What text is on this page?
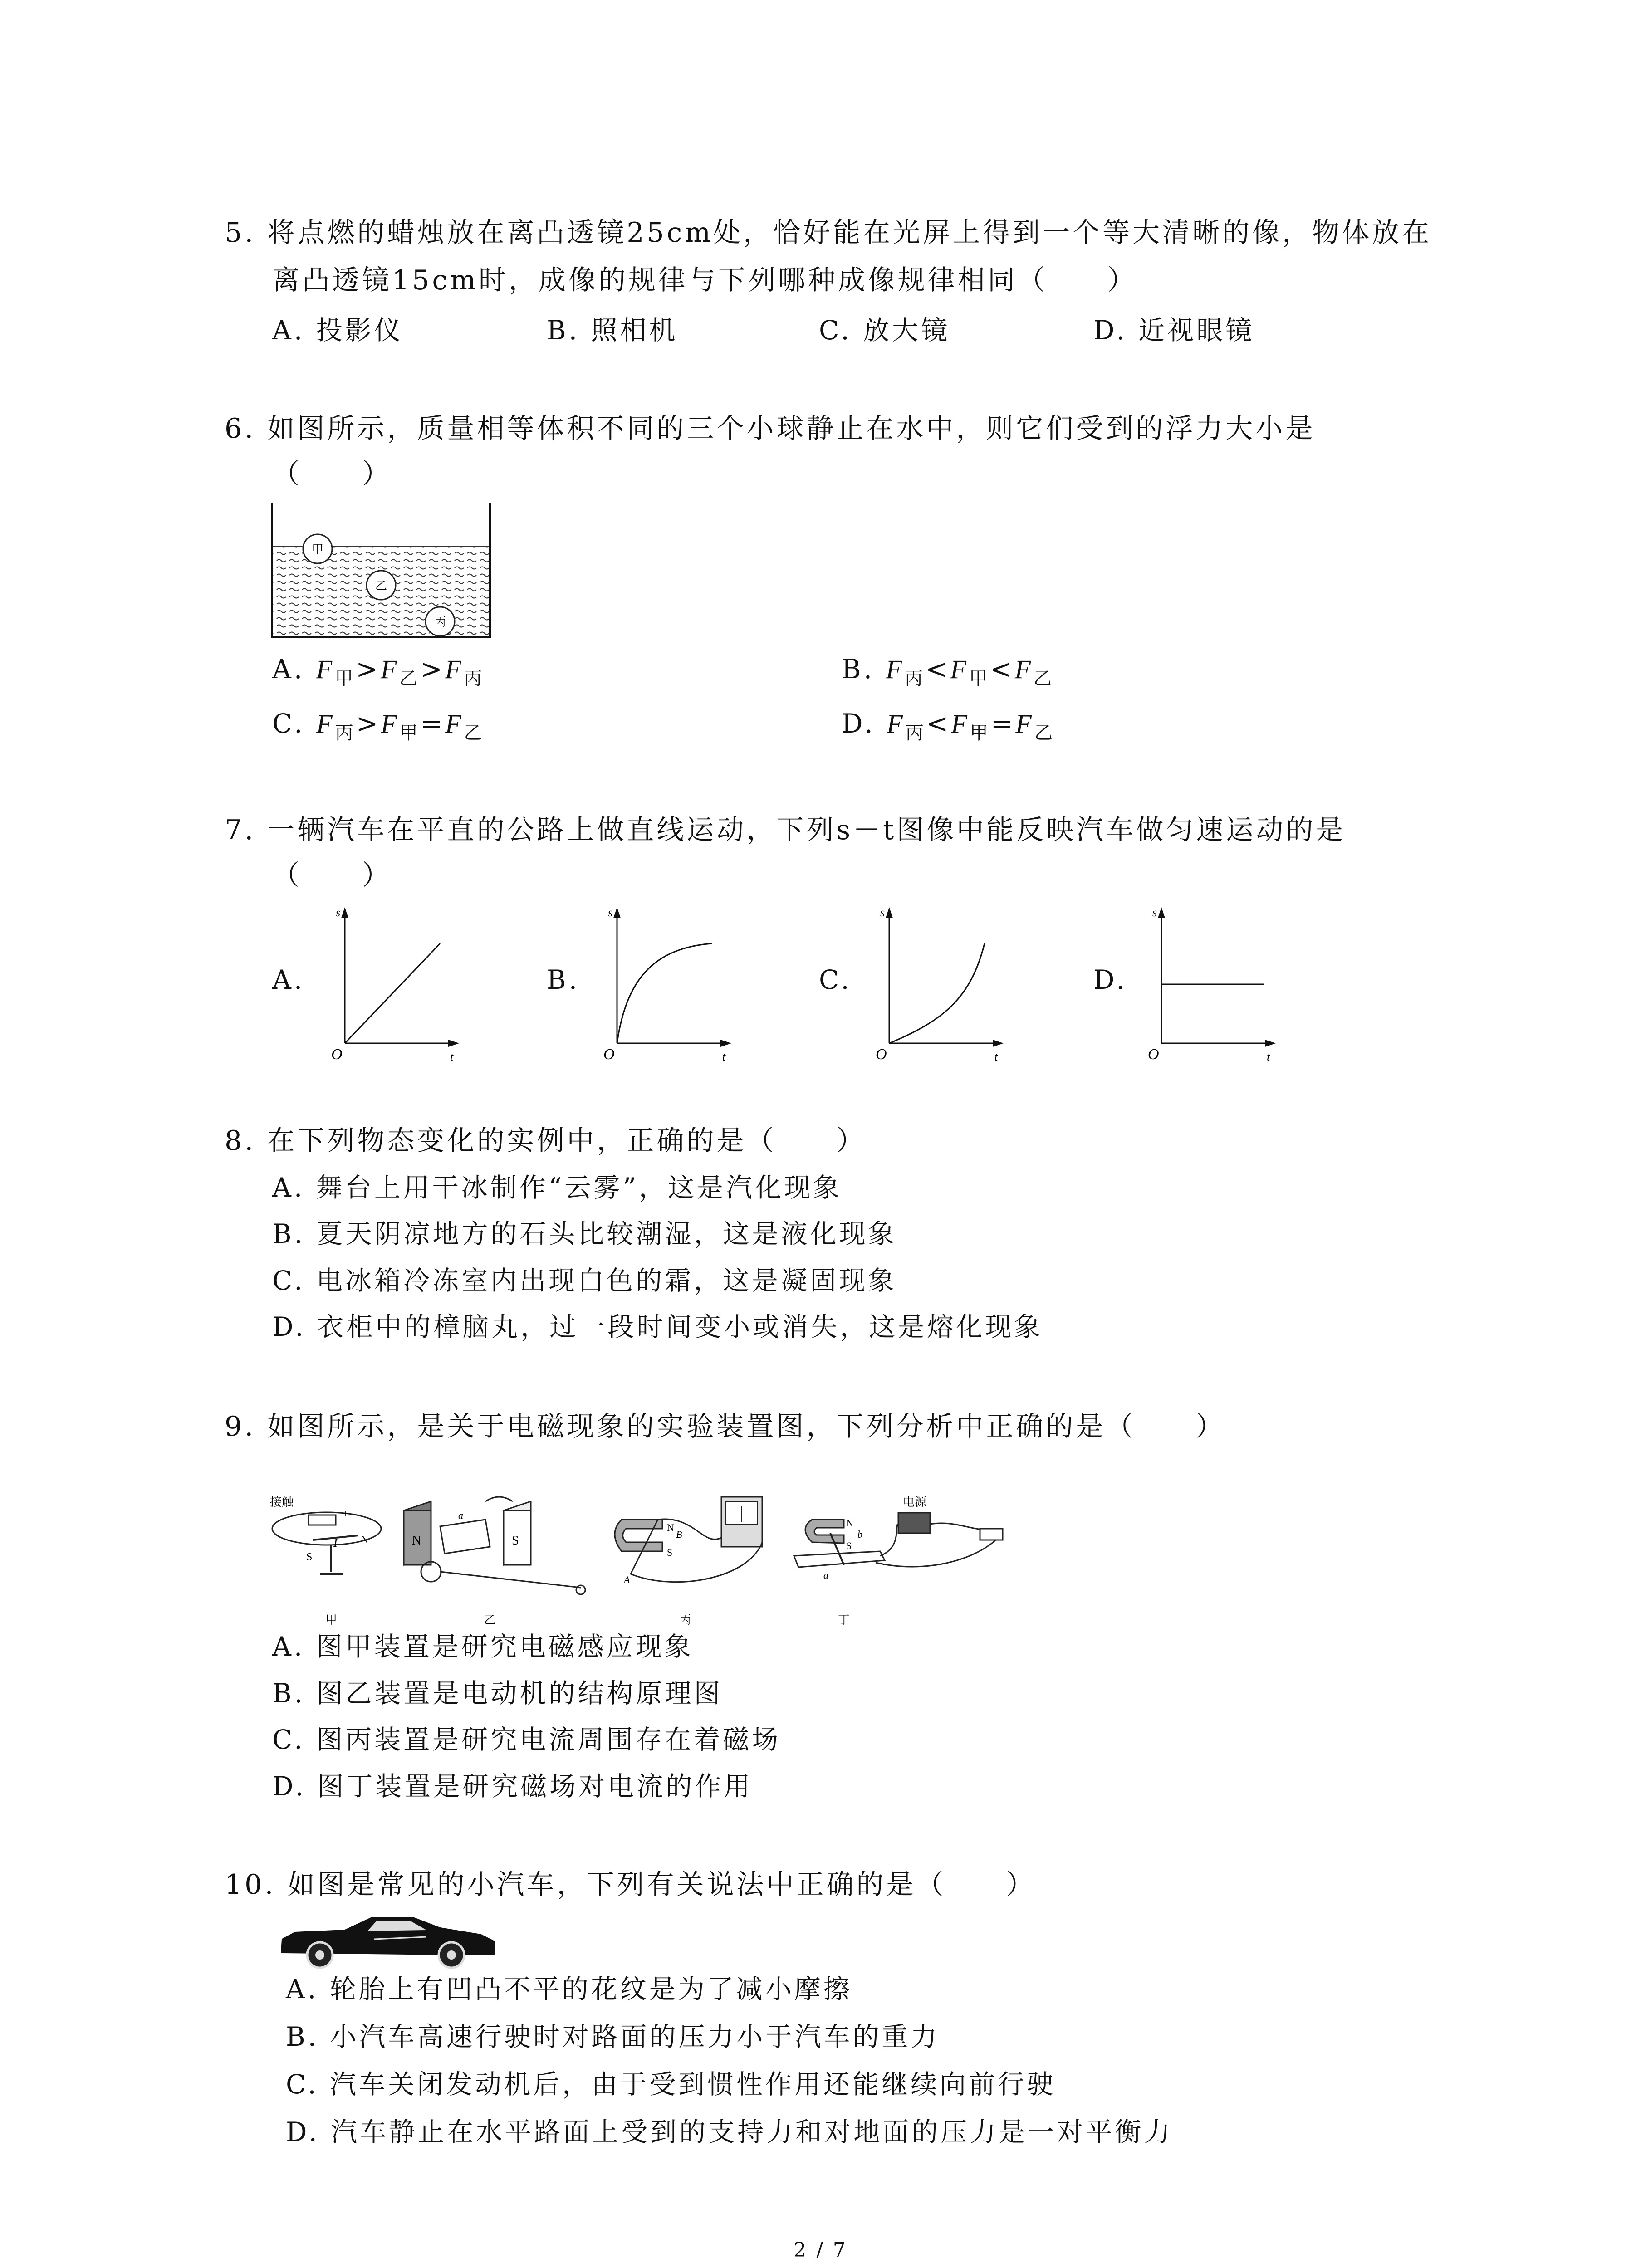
5. 将点燃的蜡烛放在离凸透镜25cm处，恰好能在光屏上得到一个等大清晰的像，物体放在
离凸透镜15cm时，成像的规律与下列哪种成像规律相同（　　）
A. 投影仪	B. 照相机	C. 放大镜	D. 近视眼镜
6. 如图所示，质量相等体积不同的三个小球静止在水中，则它们受到的浮力大小是
（　　）
甲
乙
丙
A. $F_甲>F_乙>F_丙$	B. $F_丙<F_甲<F_乙$
C. $F_丙>F_甲=F_乙$	D. $F_丙<F_甲=F_乙$
7. 一辆汽车在平直的公路上做直线运动，下列s－t图像中能反映汽车做匀速运动的是
（　　）
A.	B.	C.	D.
s
t
O
s
t
O
s
t
O
s
t
O
8. 在下列物态变化的实例中，正确的是（　　）
A. 舞台上用干冰制作“云雾”，这是汽化现象
B. 夏天阴凉地方的石头比较潮湿，这是液化现象
C. 电冰箱冷冻室内出现白色的霜，这是凝固现象
D. 衣柜中的樟脑丸，过一段时间变小或消失，这是熔化现象
9. 如图所示，是关于电磁现象的实验装置图，下列分析中正确的是（　　）
接触
+
I N
S
N	S
a
N
S
B
A
电源
N
S
b
a
甲	乙	丙	丁
A. 图甲装置是研究电磁感应现象
B. 图乙装置是电动机的结构原理图
C. 图丙装置是研究电流周围存在着磁场
D. 图丁装置是研究磁场对电流的作用
10. 如图是常见的小汽车，下列有关说法中正确的是（　　）
A. 轮胎上有凹凸不平的花纹是为了减小摩擦
B. 小汽车高速行驶时对路面的压力小于汽车的重力
C. 汽车关闭发动机后，由于受到惯性作用还能继续向前行驶
D. 汽车静止在水平路面上受到的支持力和对地面的压力是一对平衡力
2 / 7
